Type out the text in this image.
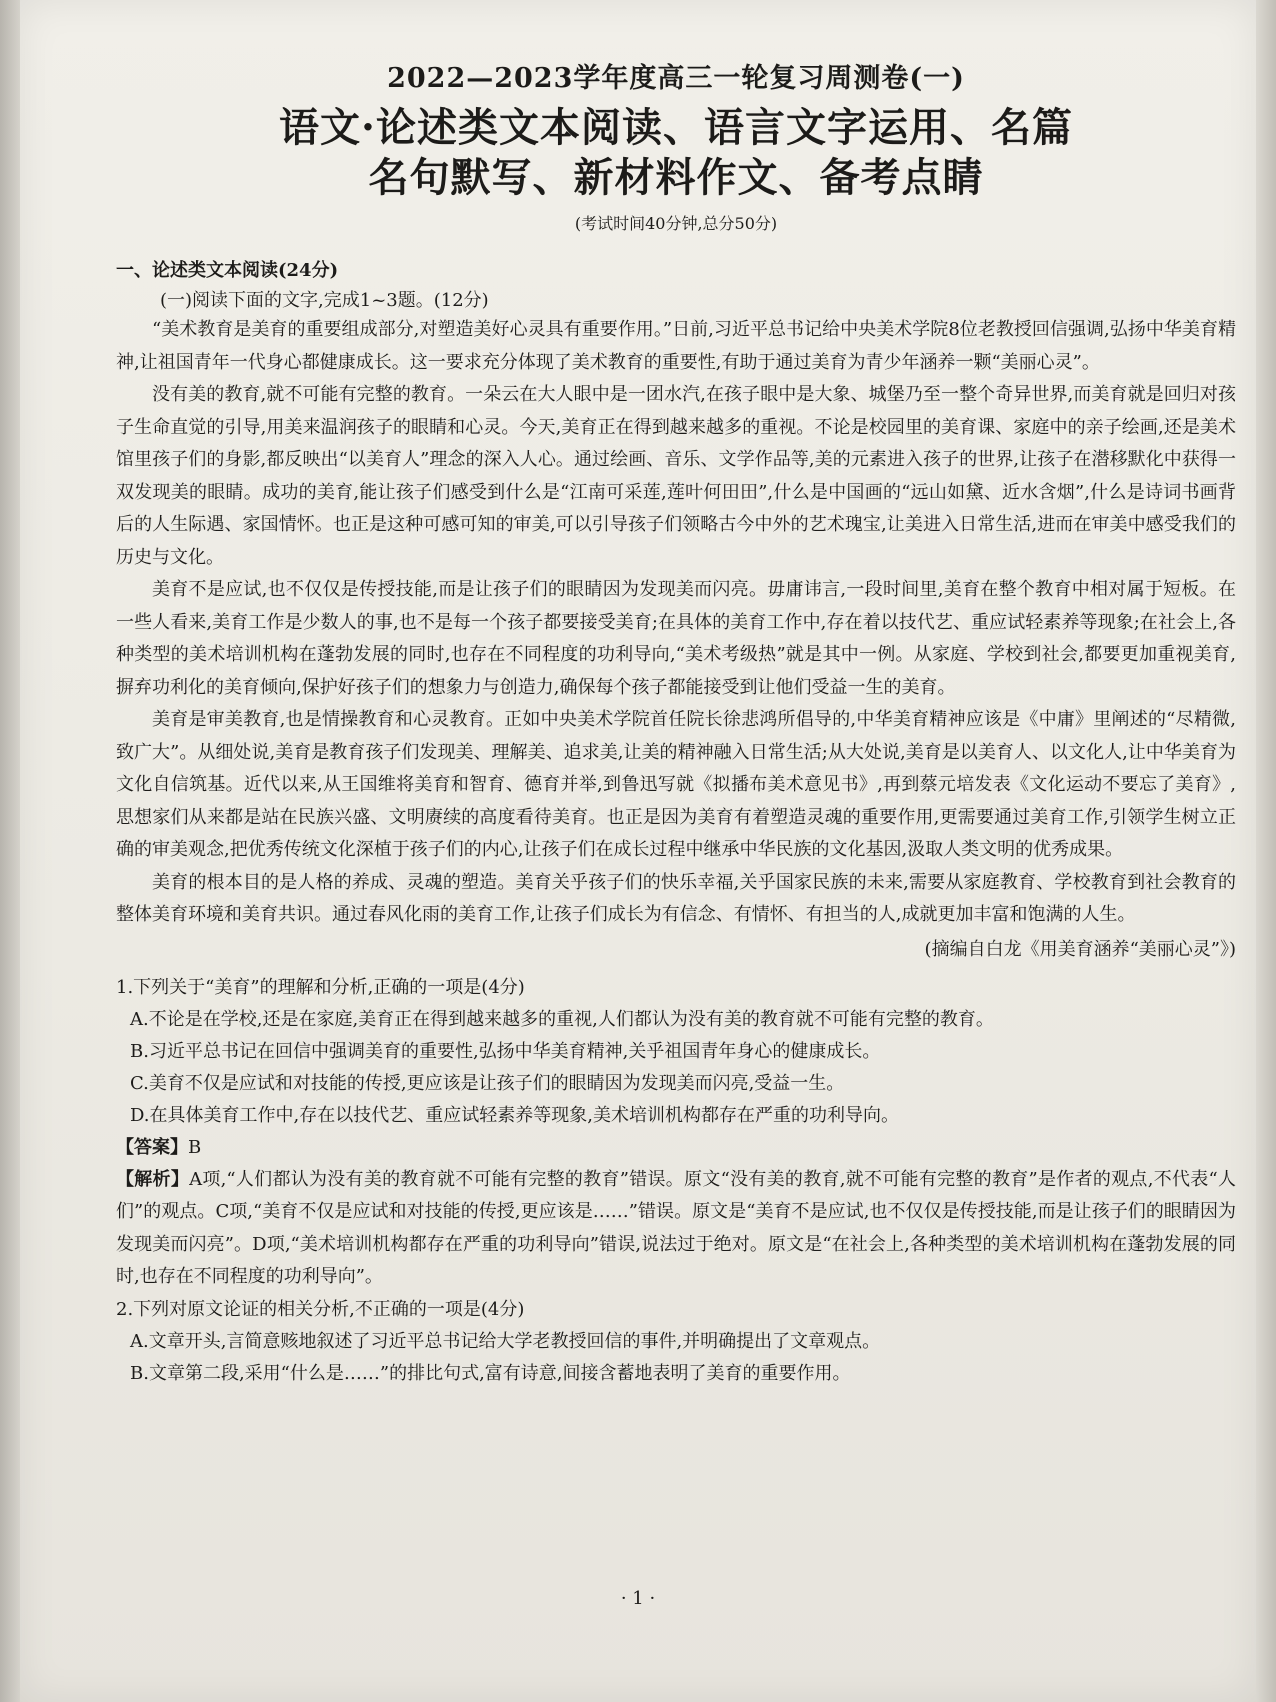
2022—2023学年度高三一轮复习周测卷(一)
语文·论述类文本阅读、语言文字运用、名篇
名句默写、新材料作文、备考点睛
(考试时间40分钟,总分50分)
一、论述类文本阅读(24分)
(一)阅读下面的文字,完成1~3题。(12分)

“美术教育是美育的重要组成部分,对塑造美好心灵具有重要作用。”日前,习近平总书记给中央美术学院8位老教授回信强调,弘扬中华美育精神,让祖国青年一代身心都健康成长。这一要求充分体现了美术教育的重要性,有助于通过美育为青少年涵养一颗“美丽心灵”。

没有美的教育,就不可能有完整的教育。一朵云在大人眼中是一团水汽,在孩子眼中是大象、城堡乃至一整个奇异世界,而美育就是回归对孩子生命直觉的引导,用美来温润孩子的眼睛和心灵。今天,美育正在得到越来越多的重视。不论是校园里的美育课、家庭中的亲子绘画,还是美术馆里孩子们的身影,都反映出“以美育人”理念的深入人心。通过绘画、音乐、文学作品等,美的元素进入孩子的世界,让孩子在潜移默化中获得一双发现美的眼睛。成功的美育,能让孩子们感受到什么是“江南可采莲,莲叶何田田”,什么是中国画的“远山如黛、近水含烟”,什么是诗词书画背后的人生际遇、家国情怀。也正是这种可感可知的审美,可以引导孩子们领略古今中外的艺术瑰宝,让美进入日常生活,进而在审美中感受我们的历史与文化。

美育不是应试,也不仅仅是传授技能,而是让孩子们的眼睛因为发现美而闪亮。毋庸讳言,一段时间里,美育在整个教育中相对属于短板。在一些人看来,美育工作是少数人的事,也不是每一个孩子都要接受美育;在具体的美育工作中,存在着以技代艺、重应试轻素养等现象;在社会上,各种类型的美术培训机构在蓬勃发展的同时,也存在不同程度的功利导向,“美术考级热”就是其中一例。从家庭、学校到社会,都要更加重视美育,摒弃功利化的美育倾向,保护好孩子们的想象力与创造力,确保每个孩子都能接受到让他们受益一生的美育。

美育是审美教育,也是情操教育和心灵教育。正如中央美术学院首任院长徐悲鸿所倡导的,中华美育精神应该是《中庸》里阐述的“尽精微,致广大”。从细处说,美育是教育孩子们发现美、理解美、追求美,让美的精神融入日常生活;从大处说,美育是以美育人、以文化人,让中华美育为文化自信筑基。近代以来,从王国维将美育和智育、德育并举,到鲁迅写就《拟播布美术意见书》,再到蔡元培发表《文化运动不要忘了美育》,思想家们从来都是站在民族兴盛、文明赓续的高度看待美育。也正是因为美育有着塑造灵魂的重要作用,更需要通过美育工作,引领学生树立正确的审美观念,把优秀传统文化深植于孩子们的内心,让孩子们在成长过程中继承中华民族的文化基因,汲取人类文明的优秀成果。

美育的根本目的是人格的养成、灵魂的塑造。美育关乎孩子们的快乐幸福,关乎国家民族的未来,需要从家庭教育、学校教育到社会教育的整体美育环境和美育共识。通过春风化雨的美育工作,让孩子们成长为有信念、有情怀、有担当的人,成就更加丰富和饱满的人生。

(摘编自白龙《用美育涵养“美丽心灵”》)

1.下列关于“美育”的理解和分析,正确的一项是(4分)

A.不论是在学校,还是在家庭,美育正在得到越来越多的重视,人们都认为没有美的教育就不可能有完整的教育。

B.习近平总书记在回信中强调美育的重要性,弘扬中华美育精神,关乎祖国青年身心的健康成长。

C.美育不仅是应试和对技能的传授,更应该是让孩子们的眼睛因为发现美而闪亮,受益一生。

D.在具体美育工作中,存在以技代艺、重应试轻素养等现象,美术培训机构都存在严重的功利导向。

【答案】B

【解析】A项,“人们都认为没有美的教育就不可能有完整的教育”错误。原文“没有美的教育,就不可能有完整的教育”是作者的观点,不代表“人们”的观点。C项,“美育不仅是应试和对技能的传授,更应该是……”错误。原文是“美育不是应试,也不仅仅是传授技能,而是让孩子们的眼睛因为发现美而闪亮”。D项,“美术培训机构都存在严重的功利导向”错误,说法过于绝对。原文是“在社会上,各种类型的美术培训机构在蓬勃发展的同时,也存在不同程度的功利导向”。

2.下列对原文论证的相关分析,不正确的一项是(4分)

A.文章开头,言简意赅地叙述了习近平总书记给大学老教授回信的事件,并明确提出了文章观点。

B.文章第二段,采用“什么是……”的排比句式,富有诗意,间接含蓄地表明了美育的重要作用。

· 1 ·
